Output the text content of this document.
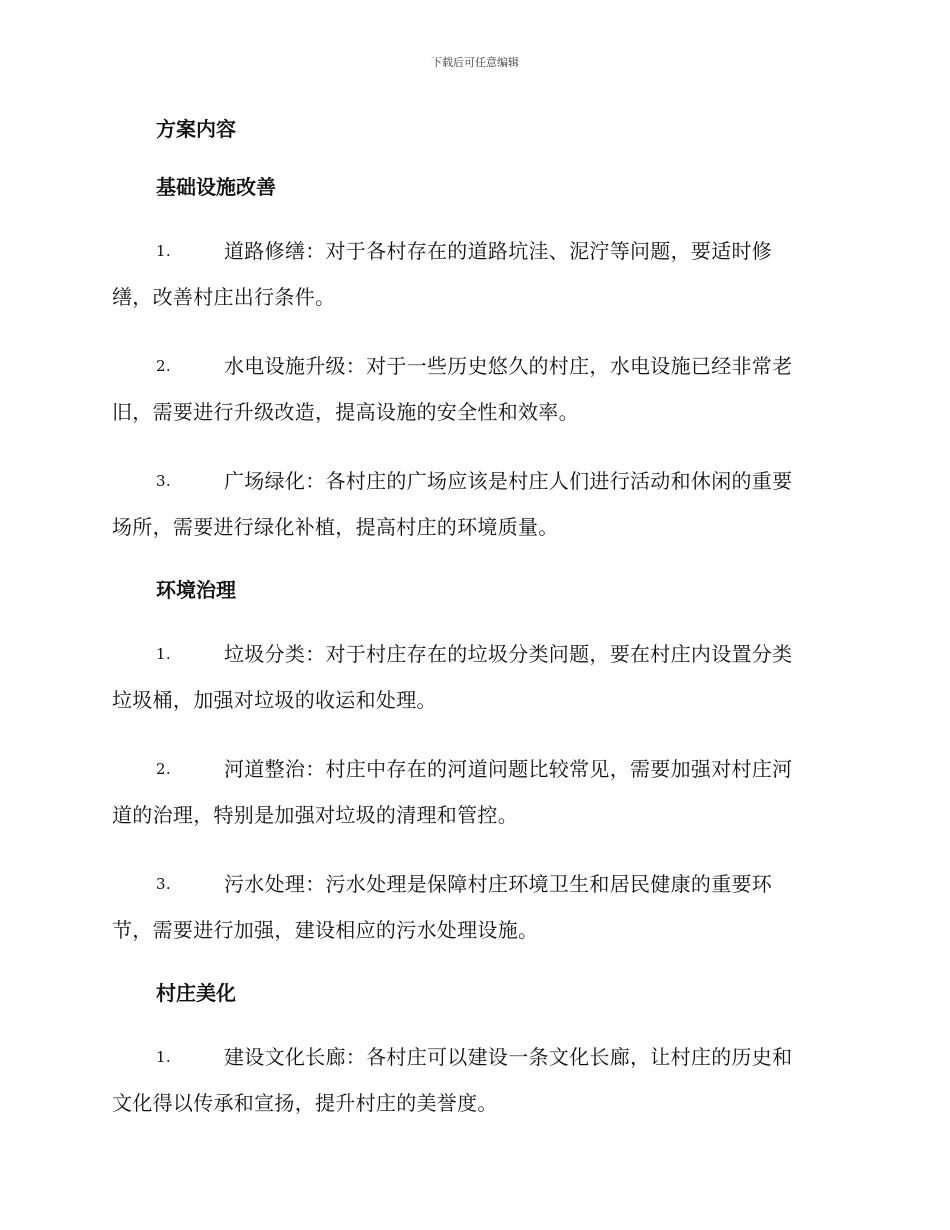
下载后可任意编辑
方案内容
基础设施改善
1.	道路修缮：对于各村存在的道路坑洼、泥泞等问题，要适时修
缮，改善村庄出行条件。
2.	水电设施升级：对于一些历史悠久的村庄，水电设施已经非常老
旧，需要进行升级改造，提高设施的安全性和效率。
3.	广场绿化：各村庄的广场应该是村庄人们进行活动和休闲的重要
场所，需要进行绿化补植，提高村庄的环境质量。
环境治理
1.	垃圾分类：对于村庄存在的垃圾分类问题，要在村庄内设置分类
垃圾桶，加强对垃圾的收运和处理。
2.	河道整治：村庄中存在的河道问题比较常见，需要加强对村庄河
道的治理，特别是加强对垃圾的清理和管控。
3.	污水处理：污水处理是保障村庄环境卫生和居民健康的重要环
节，需要进行加强，建设相应的污水处理设施。
村庄美化
1.	建设文化长廊：各村庄可以建设一条文化长廊，让村庄的历史和
文化得以传承和宣扬，提升村庄的美誉度。
